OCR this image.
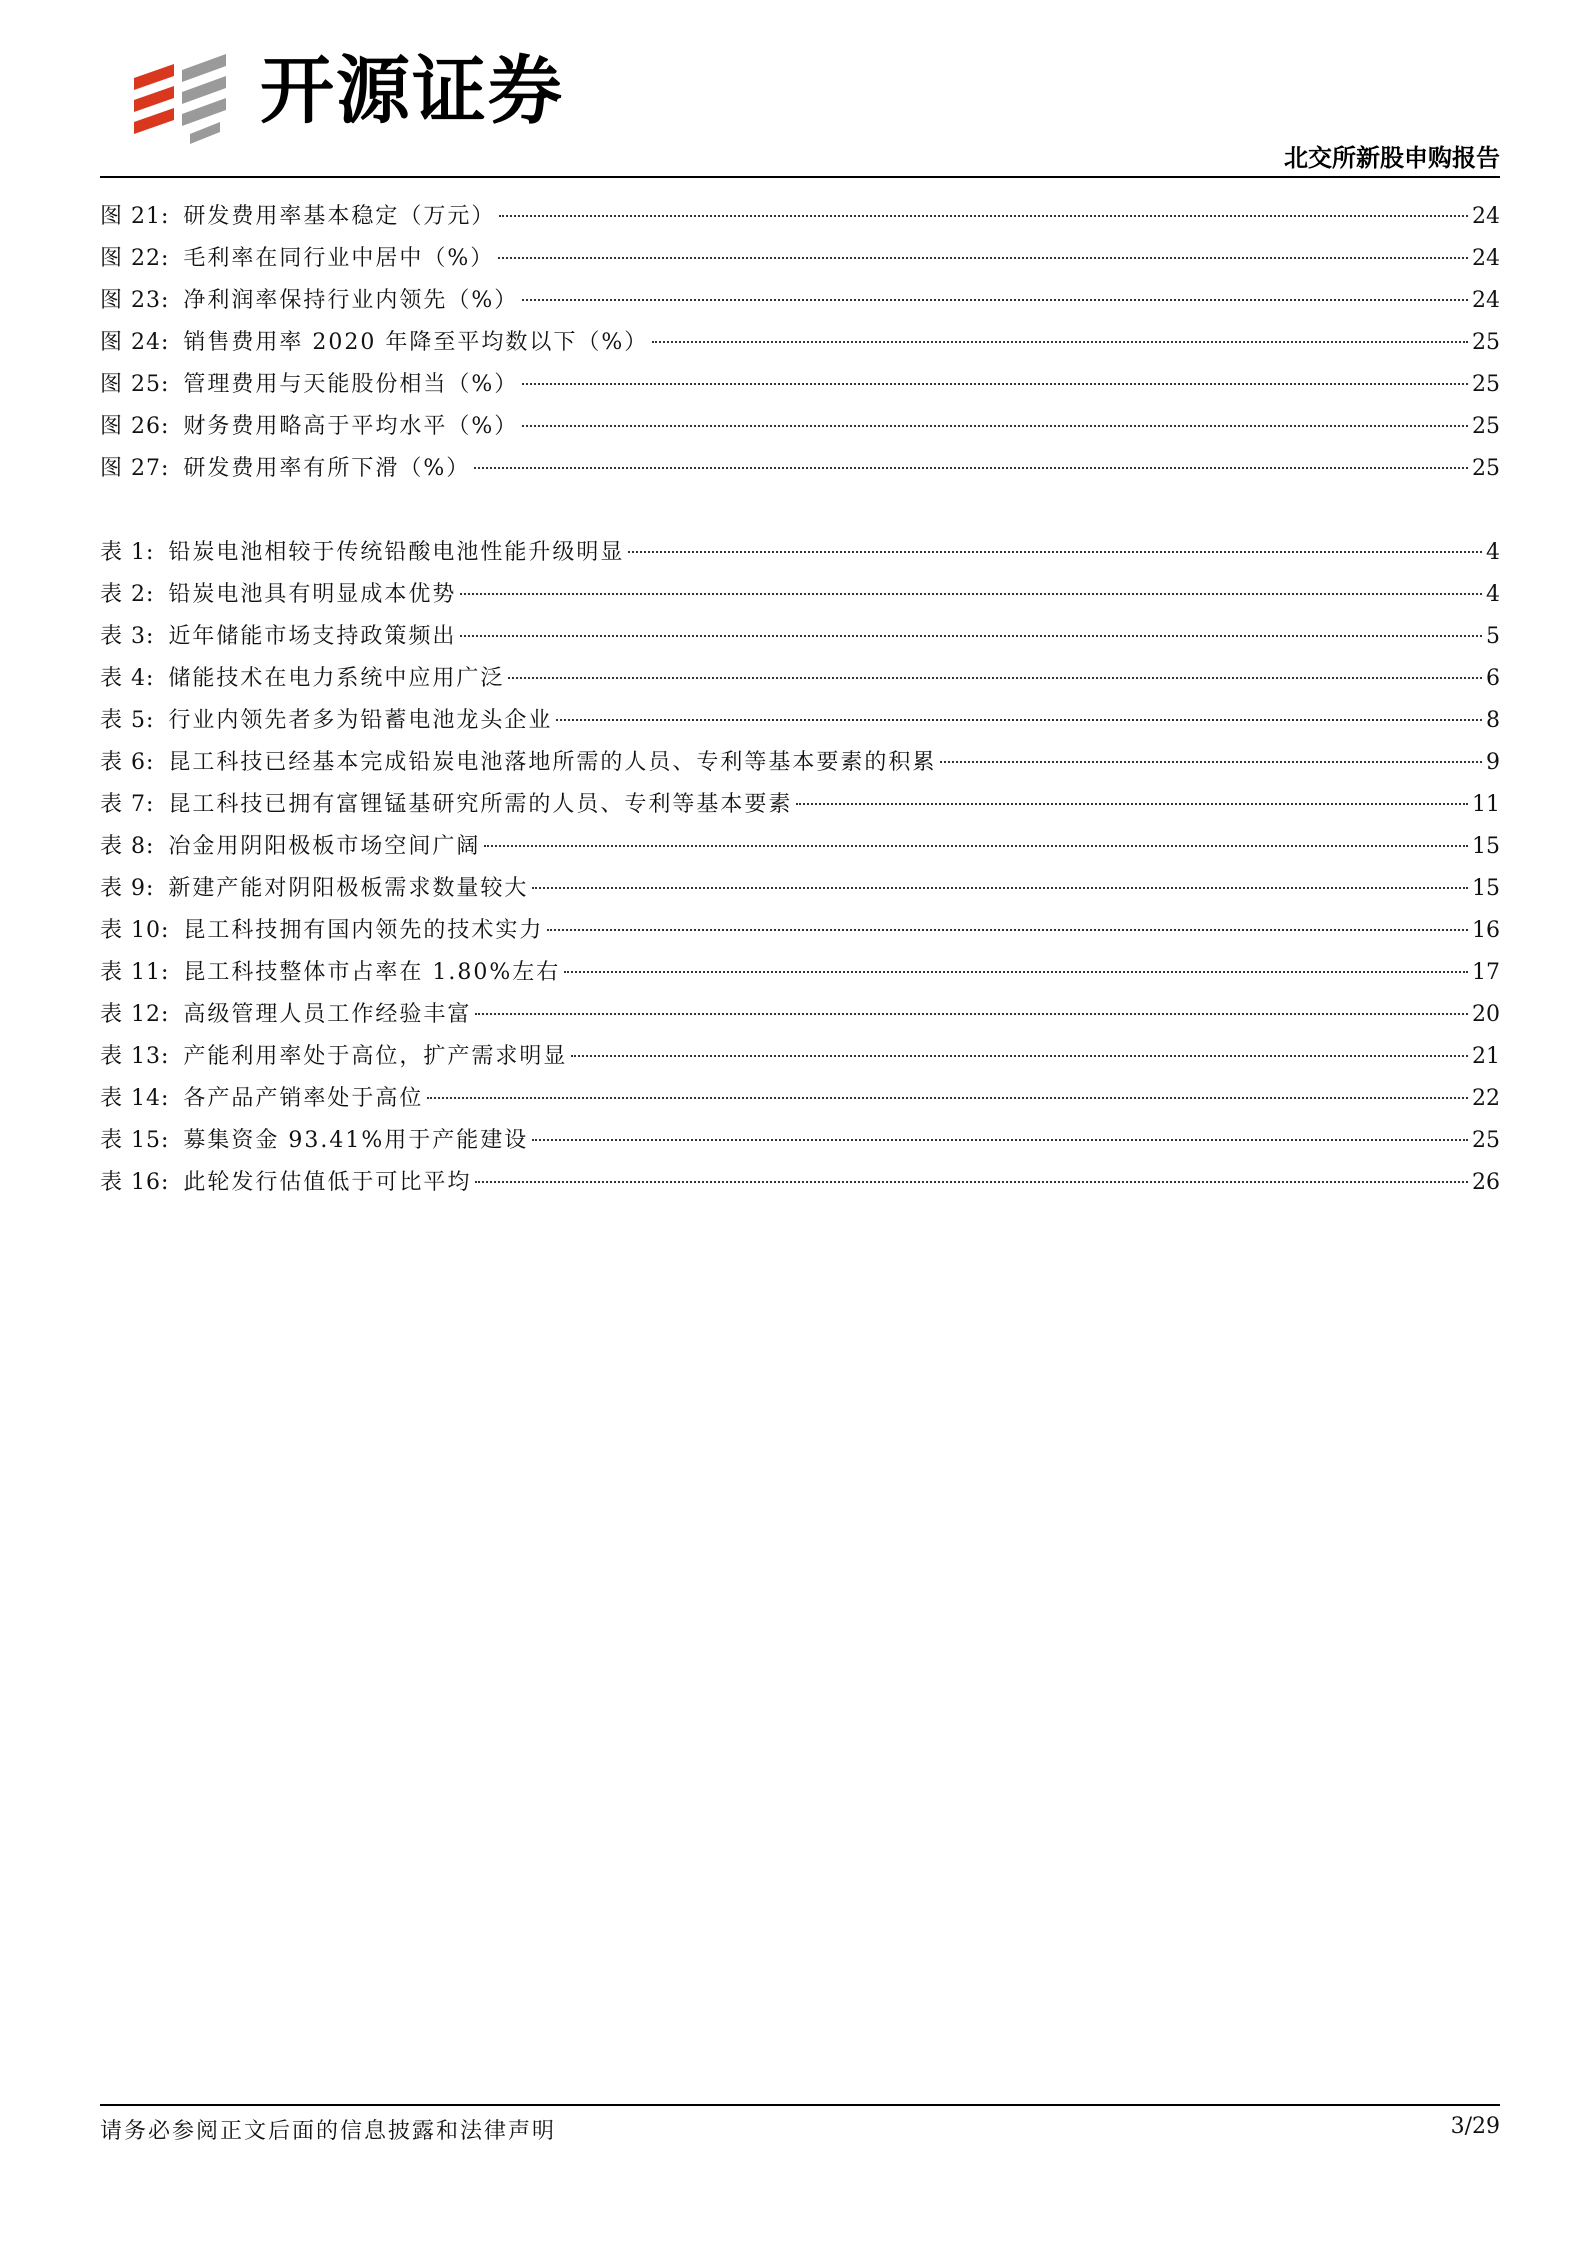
开源证券
北交所新股申购报告
图 21: 研发费用率基本稳定（万元）	24
图 22: 毛利率在同行业中居中（%）	24
图 23: 净利润率保持行业内领先（%）	24
图 24: 销售费用率 2020 年降至平均数以下（%）	25
图 25: 管理费用与天能股份相当（%）	25
图 26: 财务费用略高于平均水平（%）	25
图 27: 研发费用率有所下滑（%）	25
表 1: 铅炭电池相较于传统铅酸电池性能升级明显	4
表 2: 铅炭电池具有明显成本优势	4
表 3: 近年储能市场支持政策频出	5
表 4: 储能技术在电力系统中应用广泛	6
表 5: 行业内领先者多为铅蓄电池龙头企业	8
表 6: 昆工科技已经基本完成铅炭电池落地所需的人员、专利等基本要素的积累	9
表 7: 昆工科技已拥有富锂锰基研究所需的人员、专利等基本要素	11
表 8: 冶金用阴阳极板市场空间广阔	15
表 9: 新建产能对阴阳极板需求数量较大	15
表 10: 昆工科技拥有国内领先的技术实力	16
表 11: 昆工科技整体市占率在 1.80%左右	17
表 12: 高级管理人员工作经验丰富	20
表 13: 产能利用率处于高位，扩产需求明显	21
表 14: 各产品产销率处于高位	22
表 15: 募集资金 93.41%用于产能建设	25
表 16: 此轮发行估值低于可比平均	26
请务必参阅正文后面的信息披露和法律声明	3/29
